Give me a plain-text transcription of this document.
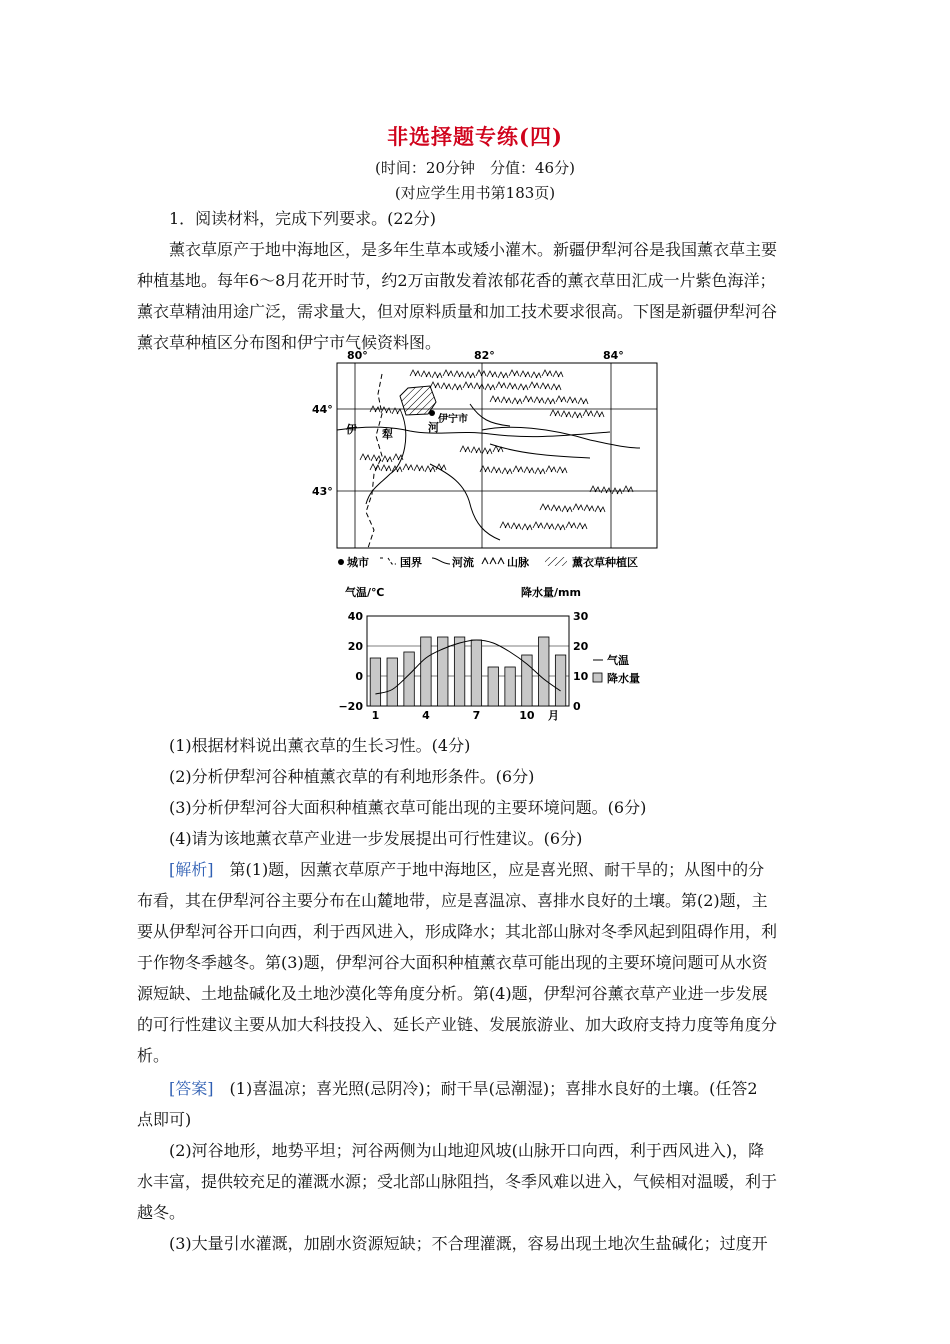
非选择题专练(四)
(时间：20分钟　分值：46分)
(对应学生用书第183页)
1．阅读材料，完成下列要求。(22分)
薰衣草原产于地中海地区，是多年生草本或矮小灌木。新疆伊犁河谷是我国薰衣草主要
种植基地。每年6～8月花开时节，约2万亩散发着浓郁花香的薰衣草田汇成一片紫色海洋；
薰衣草精油用途广泛，需求量大，但对原料质量和加工技术要求很高。下图是新疆伊犁河谷
薰衣草种植区分布图和伊宁市气候资料图。
80°	82°	84°
44°
43°
伊宁市
伊 犁
河
城市	国界	河流	山脉	薰衣草种植区
气温/℃	降水量/mm
40
20
0
−20
30
20
10
0
1	4	7	10 月
气温
降水量
(1)根据材料说出薰衣草的生长习性。(4分)
(2)分析伊犁河谷种植薰衣草的有利地形条件。(6分)
(3)分析伊犁河谷大面积种植薰衣草可能出现的主要环境问题。(6分)
(4)请为该地薰衣草产业进一步发展提出可行性建议。(6分)
[解析]　 第(1)题，因薰衣草原产于地中海地区，应是喜光照、耐干旱的；从图中的分
布看，其在伊犁河谷主要分布在山麓地带，应是喜温凉、喜排水良好的土壤。第(2)题，主
要从伊犁河谷开口向西，利于西风进入，形成降水；其北部山脉对冬季风起到阻碍作用，利
于作物冬季越冬。第(3)题，伊犁河谷大面积种植薰衣草可能出现的主要环境问题可从水资
源短缺、土地盐碱化及土地沙漠化等角度分析。第(4)题，伊犁河谷薰衣草产业进一步发展
的可行性建议主要从加大科技投入、延长产业链、发展旅游业、加大政府支持力度等角度分
析。
[答案]　 (1)喜温凉；喜光照(忌阴冷)；耐干旱(忌潮湿)；喜排水良好的土壤。(任答2
点即可)
(2)河谷地形，地势平坦；河谷两侧为山地迎风坡(山脉开口向西，利于西风进入)，降
水丰富，提供较充足的灌溉水源；受北部山脉阻挡，冬季风难以进入，气候相对温暖，利于
越冬。
(3)大量引水灌溉，加剧水资源短缺；不合理灌溉，容易出现土地次生盐碱化；过度开
